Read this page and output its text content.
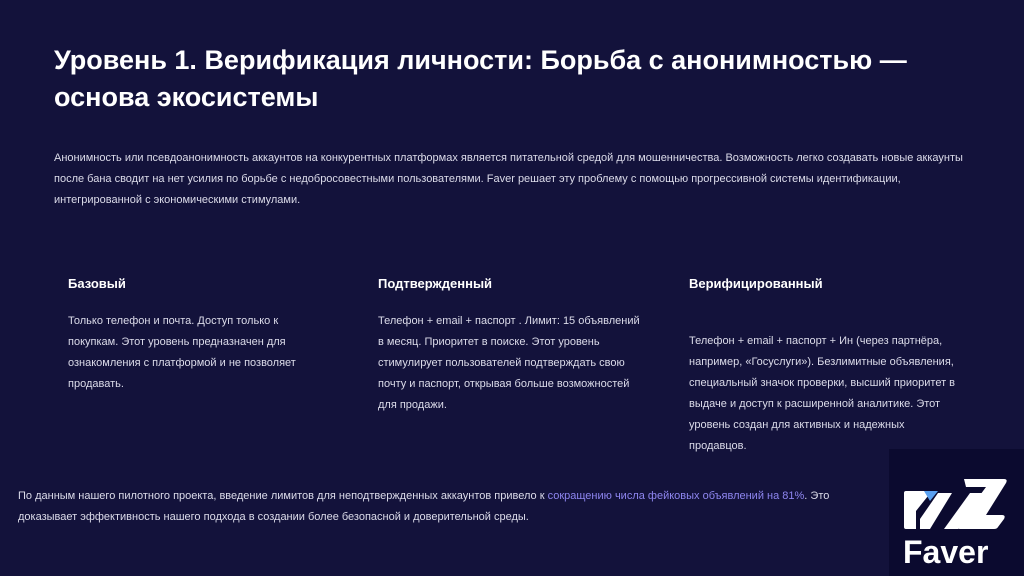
Уровень 1. Верификация личности: Борьба с анонимностью — основа экосистемы

Анонимность или псевдоанонимность аккаунтов на конкурентных платформах является питательной средой для мошенничества. Возможность легко создавать новые аккаунты после бана сводит на нет усилия по борьбе с недобросовестными пользователями. Faver решает эту проблему с помощью прогрессивной системы идентификации, интегрированной с экономическими стимулами.

Базовый

Только телефон и почта. Доступ только к покупкам. Этот уровень предназначен для ознакомления с платформой и не позволяет продавать.

Подтвержденный

Телефон + email + паспорт . Лимит: 15 объявлений в месяц. Приоритет в поиске. Этот уровень стимулирует пользователей подтверждать свою почту и паспорт, открывая больше возможностей для продажи.

Верифицированный

Телефон + email + паспорт + Ин (через партнёра, например, «Госуслуги»). Безлимитные объявления, специальный значок проверки, высший приоритет в выдаче и доступ к расширенной аналитике. Этот уровень создан для активных и надежных продавцов.

По данным нашего пилотного проекта, введение лимитов для неподтвержденных аккаунтов привело к сокращению числа фейковых объявлений на 81%. Это доказывает эффективность нашего подхода в создании более безопасной и доверительной среды.

Faver
